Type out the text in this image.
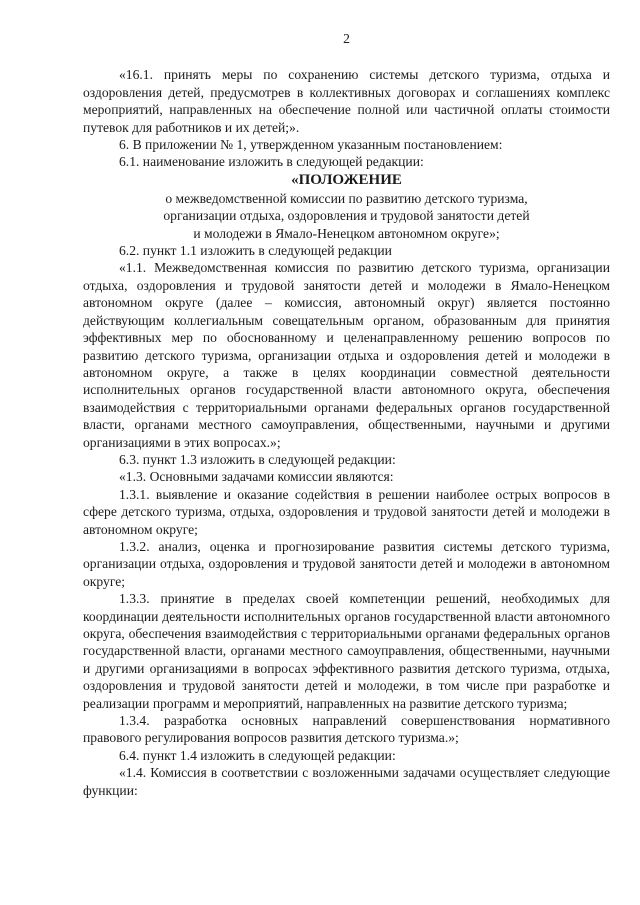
2

«16.1. принять меры по сохранению системы детского туризма, отдыха и оздоровления детей, предусмотрев в коллективных договорах и соглашениях комплекс мероприятий, направленных на обеспечение полной или частичной оплаты стоимости путевок для работников и их детей;».

6. В приложении № 1, утвержденном указанным постановлением:

6.1. наименование изложить в следующей редакции:

«ПОЛОЖЕНИЕ

о межведомственной комиссии по развитию детского туризма,

организации отдыха, оздоровления и трудовой занятости детей

и молодежи в Ямало-Ненецком автономном округе»;

6.2. пункт 1.1 изложить в следующей редакции

«1.1. Межведомственная комиссия по развитию детского туризма, организации отдыха, оздоровления и трудовой занятости детей и молодежи в Ямало-Ненецком автономном округе (далее – комиссия, автономный округ) является постоянно действующим коллегиальным совещательным органом, образованным для принятия эффективных мер по обоснованному и целенаправленному решению вопросов по развитию детского туризма, организации отдыха и оздоровления детей и молодежи в автономном округе, а также в целях координации совместной деятельности исполнительных органов государственной власти автономного округа, обеспечения взаимодействия с территориальными органами федеральных органов государственной власти, органами местного самоуправления, общественными, научными и другими организациями в этих вопросах.»;

6.3. пункт 1.3 изложить в следующей редакции:

«1.3. Основными задачами комиссии являются:

1.3.1. выявление и оказание содействия в решении наиболее острых вопросов в сфере детского туризма, отдыха, оздоровления и трудовой занятости детей и молодежи в автономном округе;

1.3.2. анализ, оценка и прогнозирование развития системы детского туризма, организации отдыха, оздоровления и трудовой занятости детей и молодежи в автономном округе;

1.3.3. принятие в пределах своей компетенции решений, необходимых для координации деятельности исполнительных органов государственной власти автономного округа, обеспечения взаимодействия с территориальными органами федеральных органов государственной власти, органами местного самоуправления, общественными, научными и другими организациями в вопросах эффективного развития детского туризма, отдыха, оздоровления и трудовой занятости детей и молодежи, в том числе при разработке и реализации программ и мероприятий, направленных на развитие детского туризма;

1.3.4. разработка основных направлений совершенствования нормативного правового регулирования вопросов развития детского туризма.»;

6.4. пункт 1.4 изложить в следующей редакции:

«1.4. Комиссия в соответствии с возложенными задачами осуществляет следующие функции:
